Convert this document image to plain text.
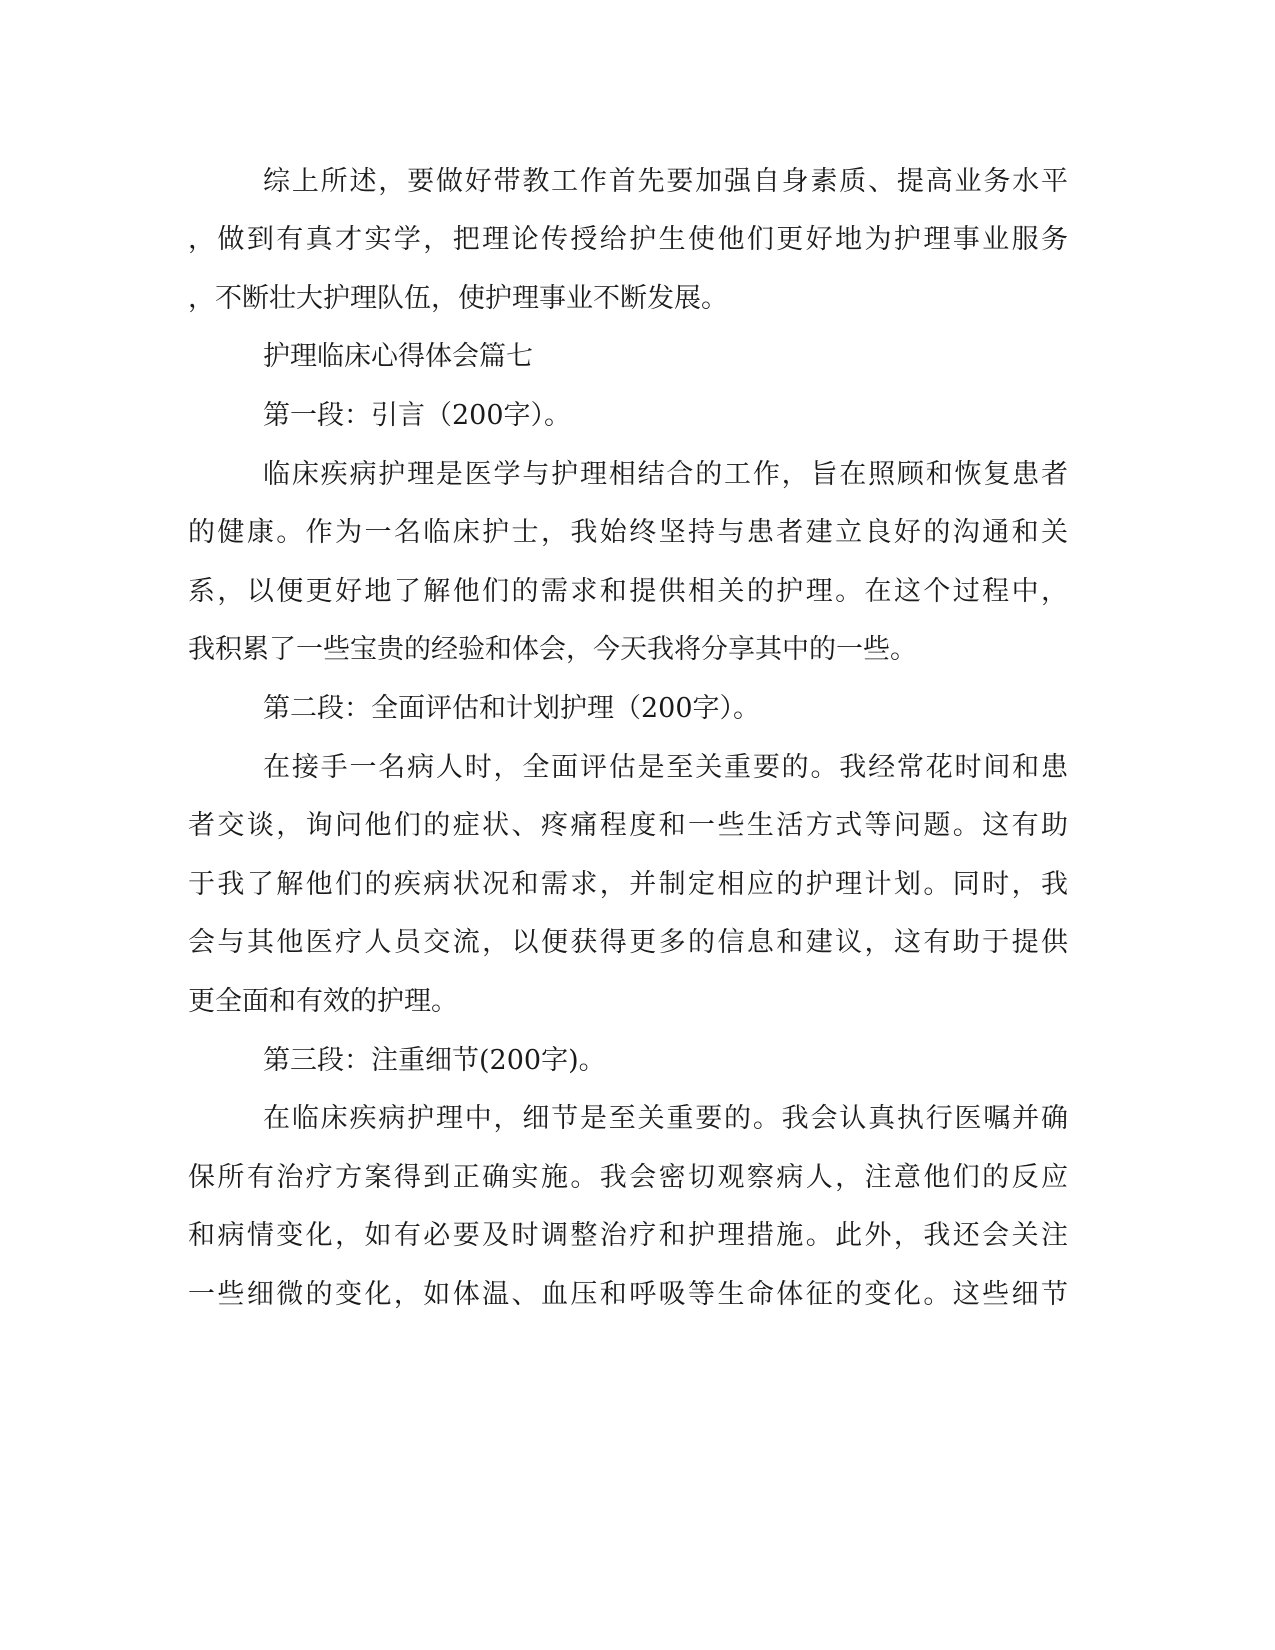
综上所述，要做好带教工作首先要加强自身素质、提高业务水平
，做到有真才实学，把理论传授给护生使他们更好地为护理事业服务
，不断壮大护理队伍，使护理事业不断发展。
护理临床心得体会篇七
第一段：引言（200字）。
临床疾病护理是医学与护理相结合的工作，旨在照顾和恢复患者
的健康。作为一名临床护士，我始终坚持与患者建立良好的沟通和关
系，以便更好地了解他们的需求和提供相关的护理。在这个过程中，
我积累了一些宝贵的经验和体会，今天我将分享其中的一些。
第二段：全面评估和计划护理（200字）。
在接手一名病人时，全面评估是至关重要的。我经常花时间和患
者交谈，询问他们的症状、疼痛程度和一些生活方式等问题。这有助
于我了解他们的疾病状况和需求，并制定相应的护理计划。同时，我
会与其他医疗人员交流，以便获得更多的信息和建议，这有助于提供
更全面和有效的护理。
第三段：注重细节(200字)。
在临床疾病护理中，细节是至关重要的。我会认真执行医嘱并确
保所有治疗方案得到正确实施。我会密切观察病人，注意他们的反应
和病情变化，如有必要及时调整治疗和护理措施。此外，我还会关注
一些细微的变化，如体温、血压和呼吸等生命体征的变化。这些细节
